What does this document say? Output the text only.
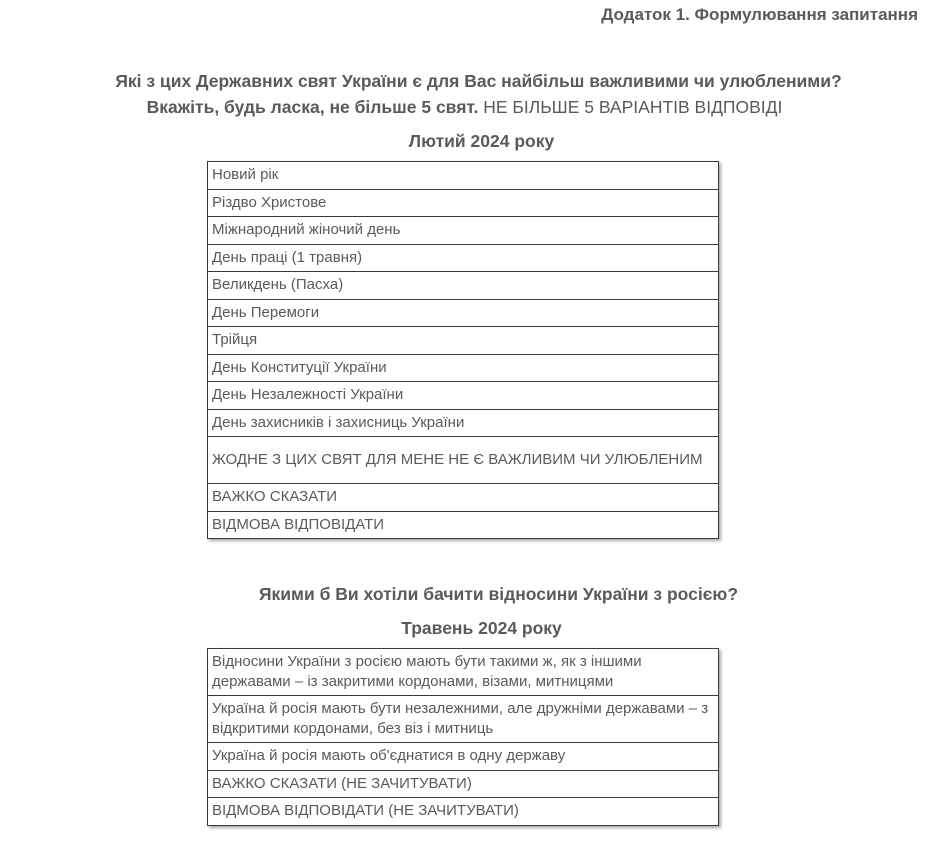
Додаток 1. Формулювання запитання
Які з цих Державних свят України є для Вас найбільш важливими чи улюбленими?
Вкажіть, будь ласка, не більше 5 свят. НЕ БІЛЬШЕ 5 ВАРІАНТІВ ВІДПОВІДІ
Лютий 2024 року
Новий рік
Різдво Христове
Міжнародний жіночий день
День праці (1 травня)
Великдень (Пасха)
День Перемоги
Трійця
День Конституції України
День Незалежності України
День захисників і захисниць України
ЖОДНЕ З ЦИХ СВЯТ ДЛЯ МЕНЕ НЕ Є ВАЖЛИВИМ ЧИ УЛЮБЛЕНИМ
ВАЖКО СКАЗАТИ
ВІДМОВА ВІДПОВІДАТИ
Якими б Ви хотіли бачити відносини України з росією?
Травень 2024 року
Відносини України з росією мають бути такими ж, як з іншими державами – із закритими кордонами, візами, митницями
Україна й росія мають бути незалежними, але дружніми державами – з відкритими кордонами, без віз і митниць
Україна й росія мають об'єднатися в одну державу
ВАЖКО СКАЗАТИ (НЕ ЗАЧИТУВАТИ)
ВІДМОВА ВІДПОВІДАТИ (НЕ ЗАЧИТУВАТИ)
